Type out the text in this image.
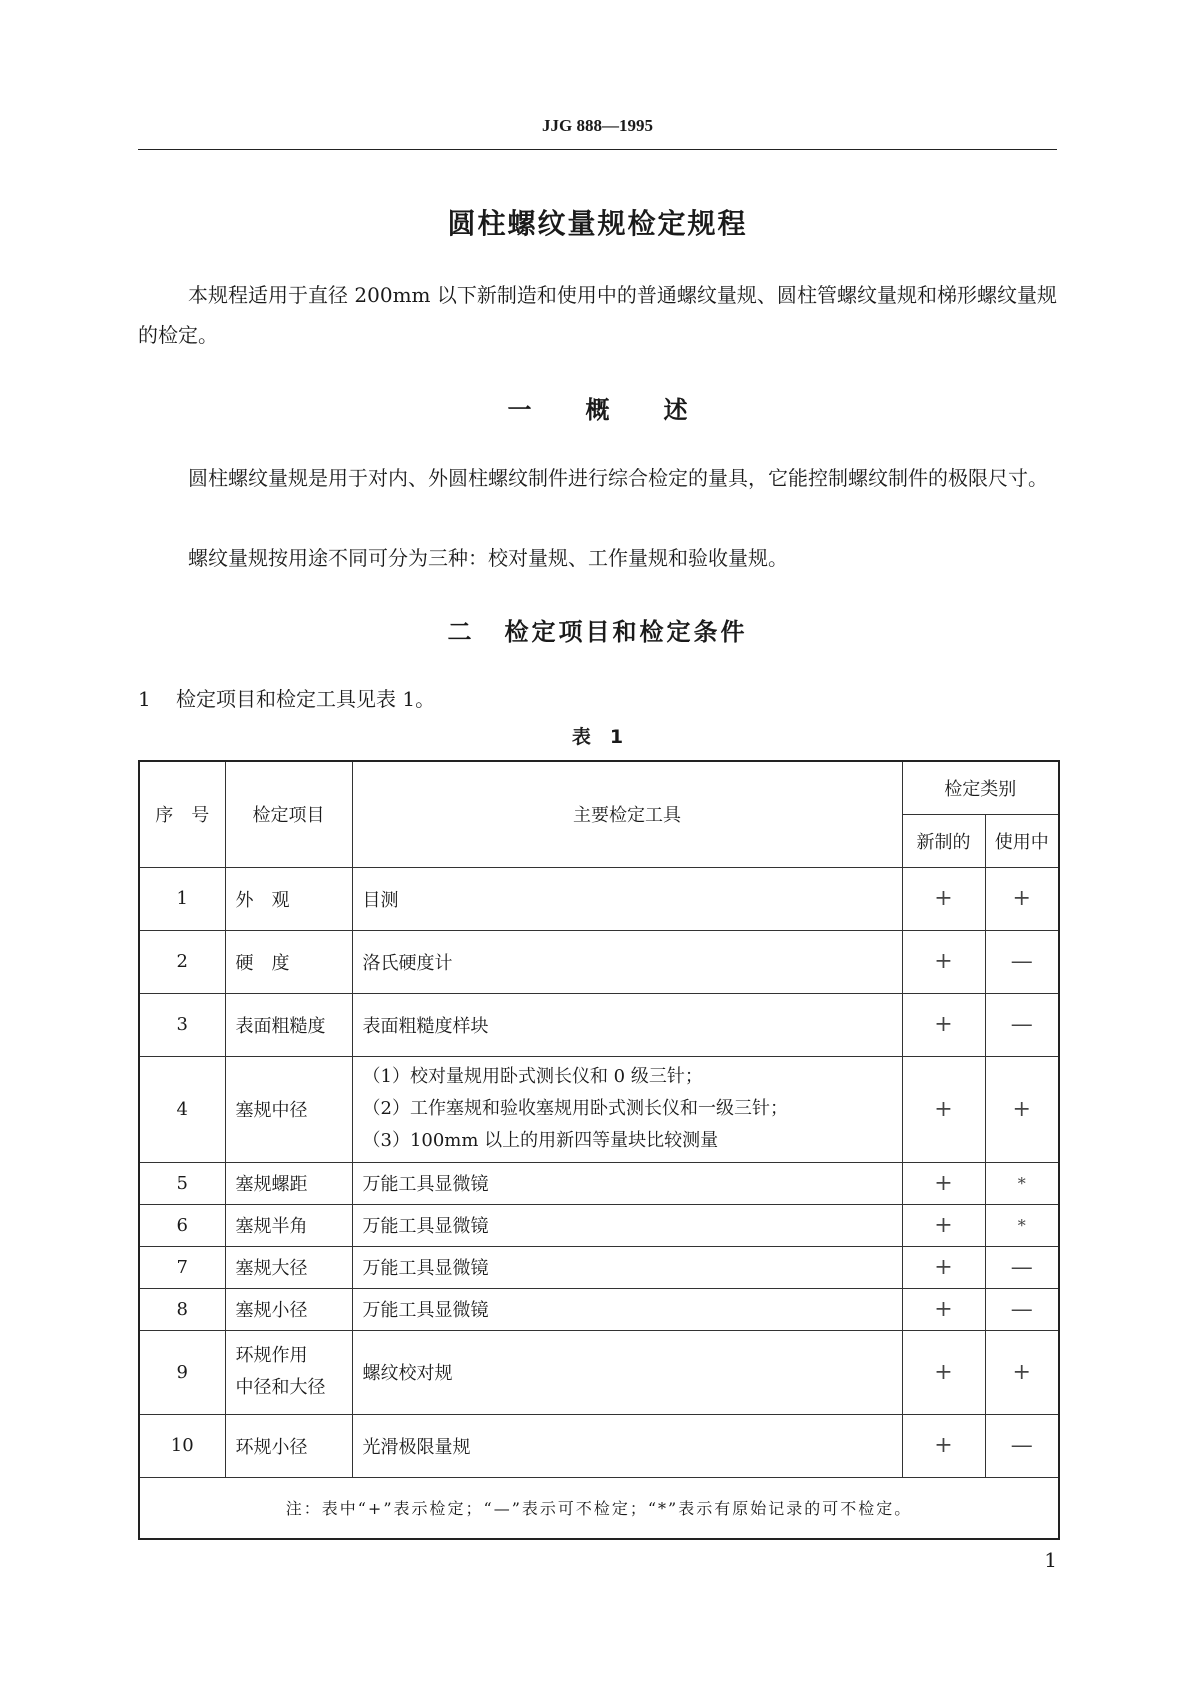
JJG 888—1995
圆柱螺纹量规检定规程
本规程适用于直径 200mm 以下新制造和使用中的普通螺纹量规、圆柱管螺纹量规和梯形螺纹量规的检定。
一 概 述
圆柱螺纹量规是用于对内、外圆柱螺纹制件进行综合检定的量具，它能控制螺纹制件的极限尺寸。
螺纹量规按用途不同可分为三种：校对量规、工作量规和验收量规。
二 检定项目和检定条件
1 检定项目和检定工具见表 1。
表　1
序　号	检定项目	主要检定工具	检定类别	
			新制的	使用中
1	外　观	目测	+	+
2	硬　度	洛氏硬度计	+	—
3	表面粗糙度	表面粗糙度样块	+	—
4	塞规中径	（1）校对量规用卧式测长仪和 0 级三针；
（2）工作塞规和验收塞规用卧式测长仪和一级三针；
（3）100mm 以上的用新四等量块比较测量	+	+
5	塞规螺距	万能工具显微镜	+	*
6	塞规半角	万能工具显微镜	+	*
7	塞规大径	万能工具显微镜	+	—
8	塞规小径	万能工具显微镜	+	—
9	环规作用
中径和大径	螺纹校对规	+	+
10	环规小径	光滑极限量规	+	—
注：表中“+”表示检定；“—”表示可不检定；“*”表示有原始记录的可不检定。				
1
